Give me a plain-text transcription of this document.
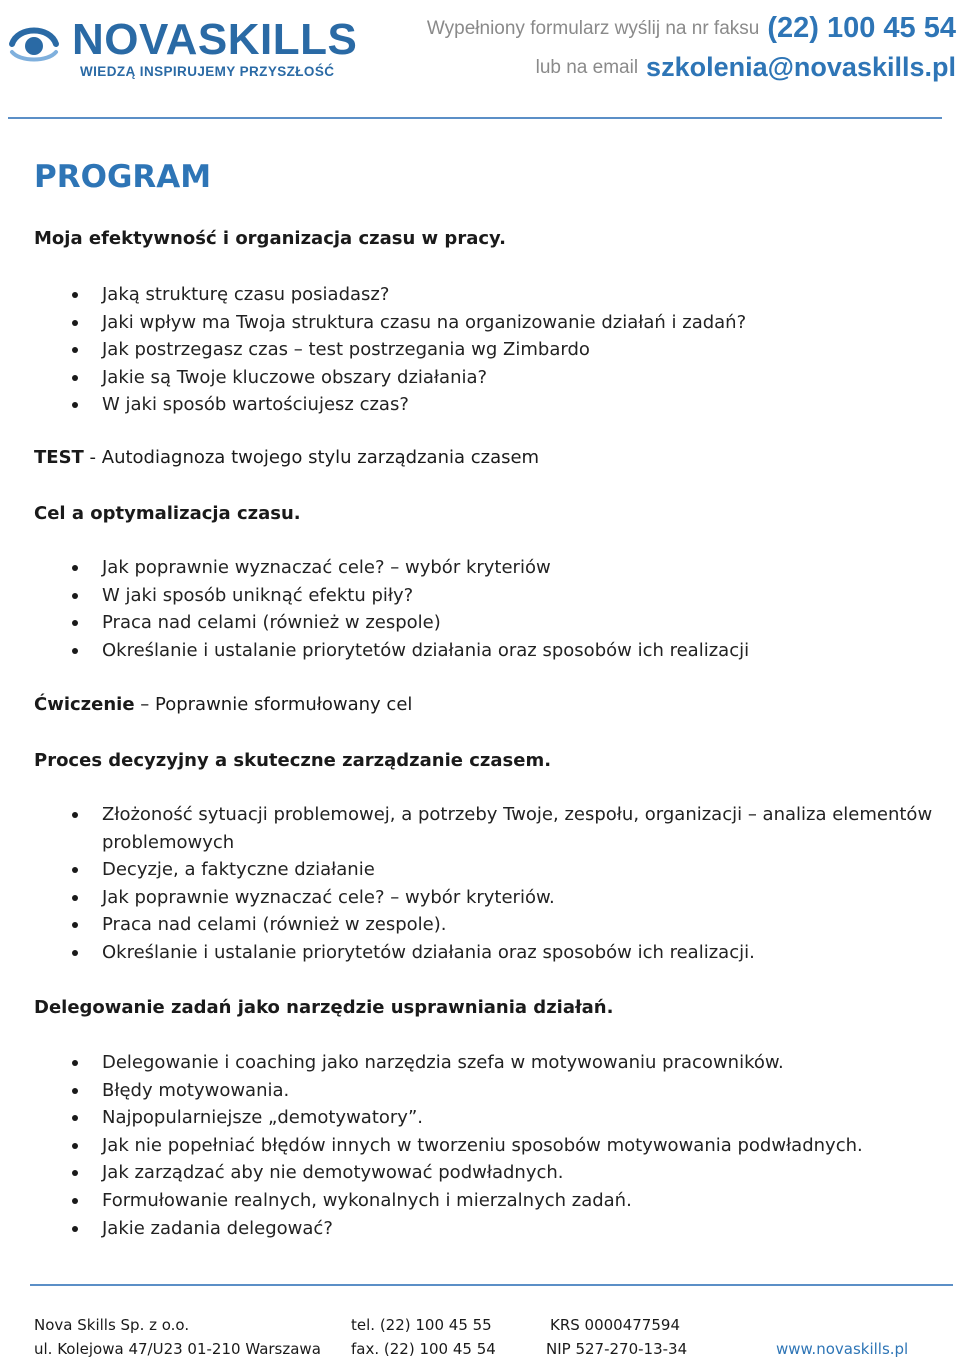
NOVASKILLS
WIEDZĄ INSPIRUJEMY PRZYSZŁOŚĆ
Wypełniony formularz wyślij na nr faksu (22) 100 45 54
lub na email szkolenia@novaskills.pl
PROGRAM
Moja efektywność i organizacja czasu w pracy.
Jaką strukturę czasu posiadasz?
Jaki wpływ ma Twoja struktura czasu na organizowanie działań i zadań?
Jak postrzegasz czas – test postrzegania wg Zimbardo
Jakie są Twoje kluczowe obszary działania?
W jaki sposób wartościujesz czas?
TEST - Autodiagnoza twojego stylu zarządzania czasem
Cel a optymalizacja czasu.
Jak poprawnie wyznaczać cele? – wybór kryteriów
W jaki sposób uniknąć efektu piły?
Praca nad celami (również w zespole)
Określanie i ustalanie priorytetów działania oraz sposobów ich realizacji
Ćwiczenie – Poprawnie sformułowany cel
Proces decyzyjny a skuteczne zarządzanie czasem.
Złożoność sytuacji problemowej, a potrzeby Twoje, zespołu, organizacji – analiza elementów problemowych
Decyzje, a faktyczne działanie
Jak poprawnie wyznaczać cele? – wybór kryteriów.
Praca nad celami (również w zespole).
Określanie i ustalanie priorytetów działania oraz sposobów ich realizacji.
Delegowanie zadań jako narzędzie usprawniania działań.
Delegowanie i coaching jako narzędzia szefa w motywowaniu pracowników.
Błędy motywowania.
Najpopularniejsze „demotywatory”.
Jak nie popełniać błędów innych w tworzeniu sposobów motywowania podwładnych.
Jak zarządzać aby nie demotywować podwładnych.
Formułowanie realnych, wykonalnych i mierzalnych zadań.
Jakie zadania delegować?
Nova Skills Sp. z o.o.	tel. (22) 100 45 55	KRS 0000477594
ul. Kolejowa 47/U23 01-210 Warszawa fax. (22) 100 45 54	NIP 527-270-13-34	www.novaskills.pl
